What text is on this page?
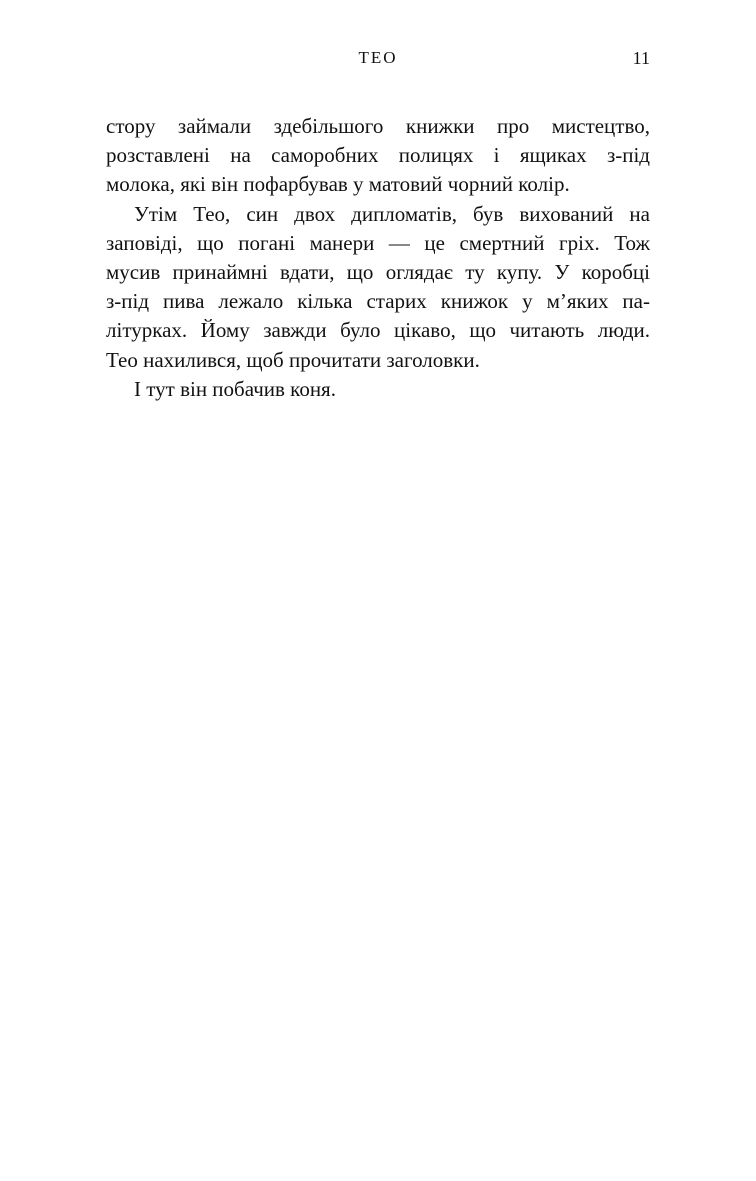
ТЕО	11

стору займали здебільшого книжки про мистецтво,
розставлені на саморобних полицях і ящиках з-під
молока, які він пофарбував у матовий чорний колір.

Утім Тео, син двох дипломатів, був вихований на
заповіді, що погані манери — це смертний гріх. Тож
мусив принаймні вдати, що оглядає ту купу. У коробці
з-під пива лежало кілька старих книжок у м’яких па-
літурках. Йому завжди було цікаво, що читають люди.
Тео нахилився, щоб прочитати заголовки.

І тут він побачив коня.
